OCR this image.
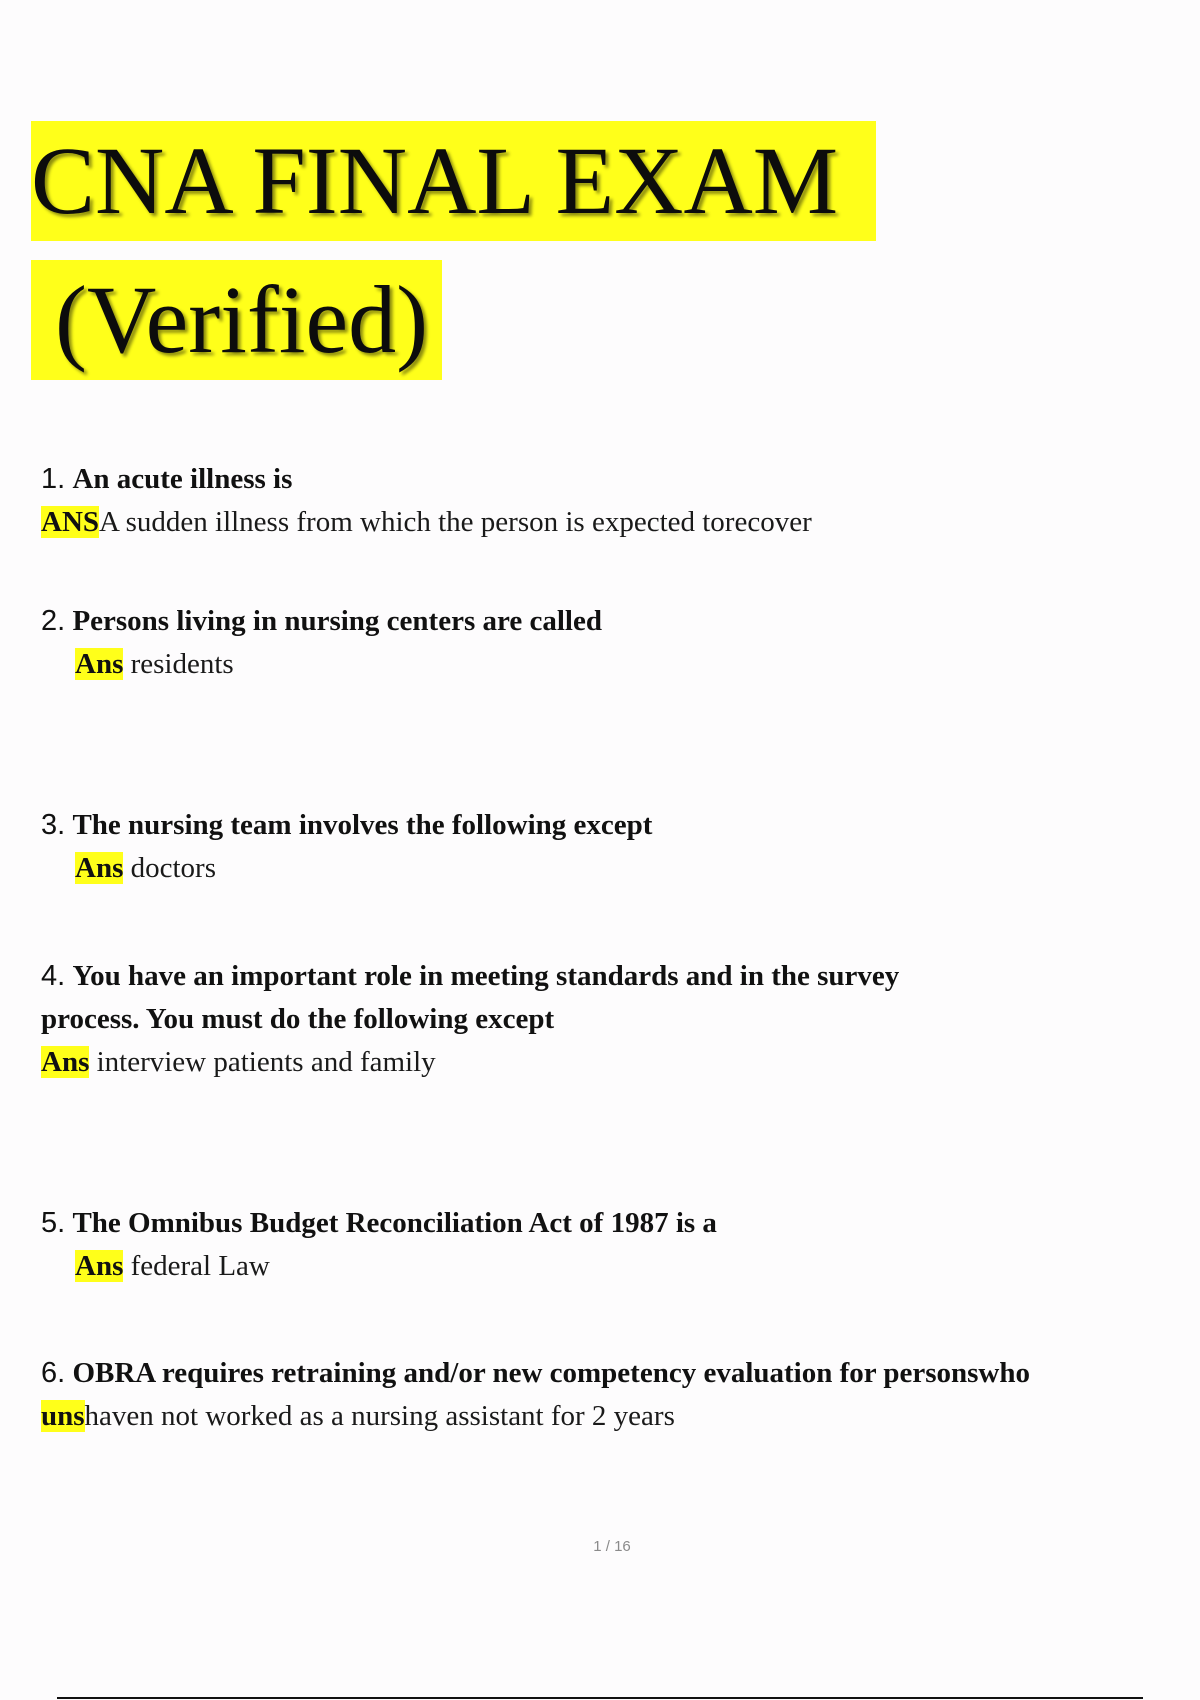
CNA FINAL EXAM
(Verified)
1. An acute illness is
ANSA sudden illness from which the person is expected torecover
2. Persons living in nursing centers are called
Ans residents
3. The nursing team involves the following except
Ans doctors
4. You have an important role in meeting standards and in the survey
process. You must do the following except
Ans interview patients and family
5. The Omnibus Budget Reconciliation Act of 1987 is a
Ans federal Law
6. OBRA requires retraining and/or new competency evaluation for personswho
unshaven not worked as a nursing assistant for 2 years
1 / 16
